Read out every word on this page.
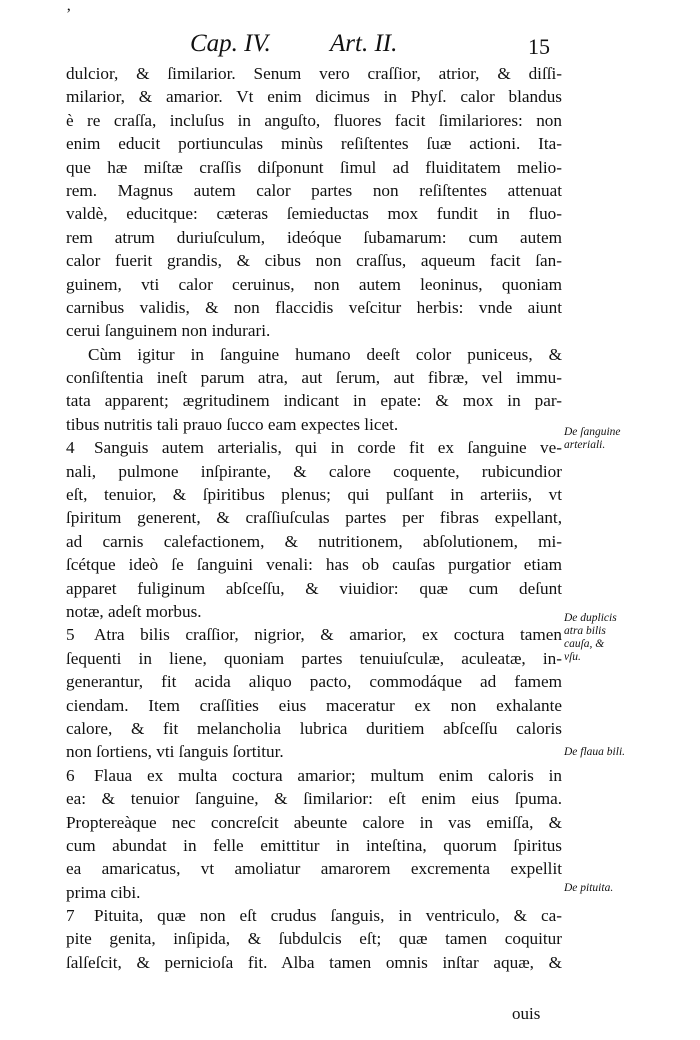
’
Cap. IV. Art. II.	15
dulcior, & ſimilarior. Senum vero craſſior, atrior, & diſſi-
milarior, & amarior. Vt enim dicimus in Phyſ. calor blandus
è re craſſa, incluſus in anguſto, fluores facit ſimilariores: non
enim educit portiunculas minùs reſiſtentes ſuæ actioni. Ita-
que hæ miſtæ craſſis diſponunt ſimul ad fluiditatem melio-
rem. Magnus autem calor partes non reſiſtentes attenuat
valdè, educitque: cæteras ſemieductas mox fundit in fluo-
rem atrum duriuſculum, ideóque ſubamarum: cum autem
calor fuerit grandis, & cibus non craſſus, aqueum facit ſan-
guinem, vti calor ceruinus, non autem leoninus, quoniam
carnibus validis, & non flaccidis veſcitur herbis: vnde aiunt
cerui ſanguinem non indurari.
Cùm igitur in ſanguine humano deeſt color puniceus, &
conſiſtentia ineſt parum atra, aut ſerum, aut fibræ, vel immu-
tata apparent; ægritudinem indicant in epate: & mox in par-
tibus nutritis tali prauo ſucco eam expectes licet.
4 Sanguis autem arterialis, qui in corde fit ex ſanguine ve-
nali, pulmone inſpirante, & calore coquente, rubicundior
eſt, tenuior, & ſpiritibus plenus; qui pulſant in arteriis, vt
ſpiritum generent, & craſſiuſculas partes per fibras expellant,
ad carnis calefactionem, & nutritionem, abſolutionem, mi-
ſcétque ideò ſe ſanguini venali: has ob cauſas purgatior etiam
apparet fuliginum abſceſſu, & viuidior: quæ cum deſunt
notæ, adeſt morbus.
5 Atra bilis craſſior, nigrior, & amarior, ex coctura tamen
ſequenti in liene, quoniam partes tenuiuſculæ, aculeatæ, in-
generantur, fit acida aliquo pacto, commodáque ad famem
ciendam. Item craſſities eius maceratur ex non exhalante
calore, & fit melancholia lubrica duritiem abſceſſu caloris
non ſortiens, vti ſanguis ſortitur.
6 Flaua ex multa coctura amarior; multum enim caloris in
ea: & tenuior ſanguine, & ſimilarior: eſt enim eius ſpuma.
Proptereàque nec concreſcit abeunte calore in vas emiſſa, &
cum abundat in felle emittitur in inteſtina, quorum ſpiritus
ea amaricatus, vt amoliatur amarorem excrementa expellit
prima cibi.
7 Pituita, quæ non eſt crudus ſanguis, in ventriculo, & ca-
pite genita, inſipida, & ſubdulcis eſt; quæ tamen coquitur
ſalſeſcit, & pernicioſa fit. Alba tamen omnis inſtar aquæ, &
De ſanguine
arteriali.
De duplicis
atra bilis
cauſa, &
vſu.
De flaua bili.
De pituita.
ouis
